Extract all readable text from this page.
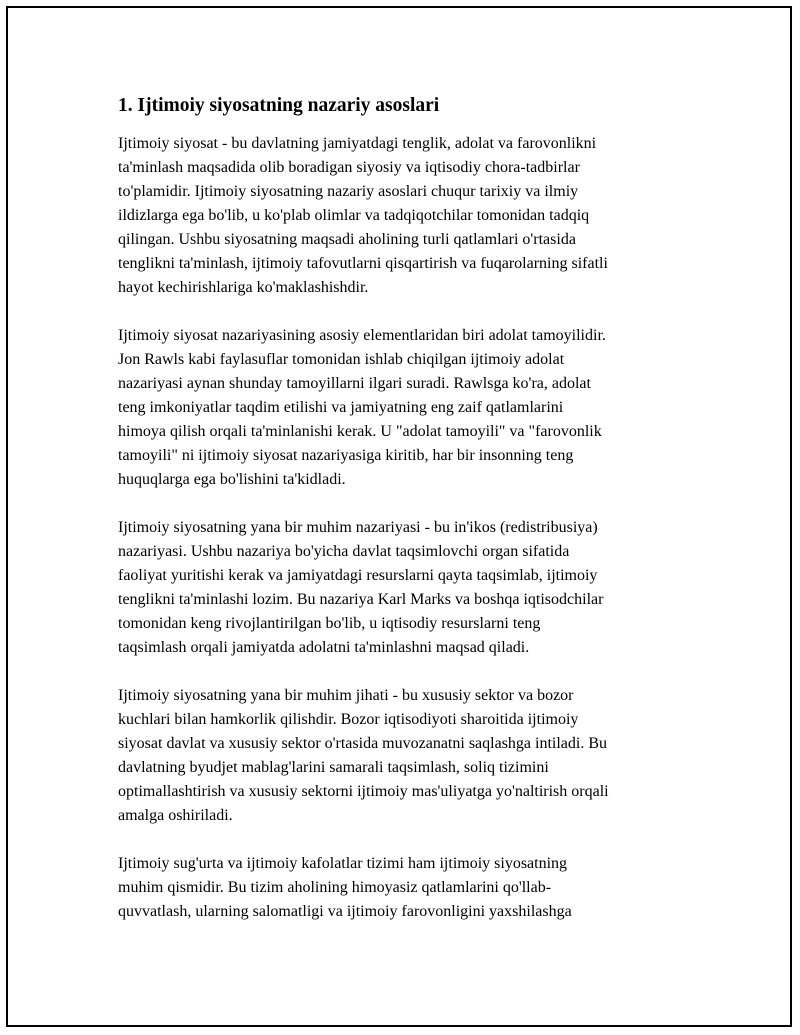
1. Ijtimoiy siyosatning nazariy asoslari

Ijtimoiy siyosat - bu davlatning jamiyatdagi tenglik, adolat va farovonlikni
ta'minlash maqsadida olib boradigan siyosiy va iqtisodiy chora-tadbirlar
to'plamidir. Ijtimoiy siyosatning nazariy asoslari chuqur tarixiy va ilmiy
ildizlarga ega bo'lib, u ko'plab olimlar va tadqiqotchilar tomonidan tadqiq
qilingan. Ushbu siyosatning maqsadi aholining turli qatlamlari o'rtasida
tenglikni ta'minlash, ijtimoiy tafovutlarni qisqartirish va fuqarolarning sifatli
hayot kechirishlariga ko'maklashishdir.

Ijtimoiy siyosat nazariyasining asosiy elementlaridan biri adolat tamoyilidir.
Jon Rawls kabi faylasuflar tomonidan ishlab chiqilgan ijtimoiy adolat
nazariyasi aynan shunday tamoyillarni ilgari suradi. Rawlsga ko'ra, adolat
teng imkoniyatlar taqdim etilishi va jamiyatning eng zaif qatlamlarini
himoya qilish orqali ta'minlanishi kerak. U "adolat tamoyili" va "farovonlik
tamoyili" ni ijtimoiy siyosat nazariyasiga kiritib, har bir insonning teng
huquqlarga ega bo'lishini ta'kidladi.

Ijtimoiy siyosatning yana bir muhim nazariyasi - bu in'ikos (redistribusiya)
nazariyasi. Ushbu nazariya bo'yicha davlat taqsimlovchi organ sifatida
faoliyat yuritishi kerak va jamiyatdagi resurslarni qayta taqsimlab, ijtimoiy
tenglikni ta'minlashi lozim. Bu nazariya Karl Marks va boshqa iqtisodchilar
tomonidan keng rivojlantirilgan bo'lib, u iqtisodiy resurslarni teng
taqsimlash orqali jamiyatda adolatni ta'minlashni maqsad qiladi.

Ijtimoiy siyosatning yana bir muhim jihati - bu xususiy sektor va bozor
kuchlari bilan hamkorlik qilishdir. Bozor iqtisodiyoti sharoitida ijtimoiy
siyosat davlat va xususiy sektor o'rtasida muvozanatni saqlashga intiladi. Bu
davlatning byudjet mablag'larini samarali taqsimlash, soliq tizimini
optimallashtirish va xususiy sektorni ijtimoiy mas'uliyatga yo'naltirish orqali
amalga oshiriladi.

Ijtimoiy sug'urta va ijtimoiy kafolatlar tizimi ham ijtimoiy siyosatning
muhim qismidir. Bu tizim aholining himoyasiz qatlamlarini qo'llab-
quvvatlash, ularning salomatligi va ijtimoiy farovonligini yaxshilashga
